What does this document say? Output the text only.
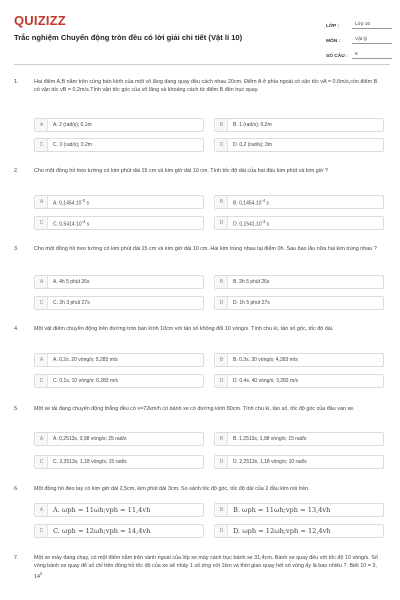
QUIZIZZ
Trắc nghiệm Chuyển động tròn đều có lời giải chi tiết (Vật lí 10)
LỚP :	Lớp 10
MÔN :	Vật lý
SỐ CÂU :	8
1.	Hai điểm A,B nằm trên cùng bán kính của một vô lăng đang quay đều cách nhau 20cm. Điểm A ở phía ngoài có vận tốc vA = 0.6m/s,còn điểm B có vận tốc vB = 0,2m/s.Tính vận tốc góc của vô lăng và khoảng cách từ điểm B đến trục quay.
A	A. 2 (rad/s); 0,1m	B	B. 1 (rad/s); 0,2m
C	C. 3 (rad/s); 0,2m	D	D. 0,2 (rad/s); 3m
2.	Cho một đồng hồ treo tường có kim phút dài 15 cm và kim giờ dài 10 cm. Tính tốc độ dài của hai đầu kim phút và kim giờ ?
A	A. $0,1454.10^{-3}$ s	B	B. $0,1454.10^{-4}$ s
C	C. $0,5414.10^{-4}$ s	D	D. $0,1541.10^{-3}$ s
3.	Cho một đồng hồ treo tường có kim phút dài 15 cm và kim giờ dài 10 cm. Hai kim trùng nhau tại điểm 0h. Sau bao lâu nữa hai kim trùng nhau ?
A	A. 4h 5 phút 26s	B	B. 2h 5 phút 26s
C	C. 2h 3 phút 27s	D	D. 1h 5 phút 27s
4.	Một vật điểm chuyển động trên đường tròn bán kính 10cm với tần số không đổi 10 vòng/s. Tính chu kì, tần số góc, tốc độ dài.
A	A. 0,2s, 20 vòng/s; 5,283 m/s	B	B. 0,3s, 30 vòng/s; 4,283 m/s
C	C. 0,1s, 10 vòng/s; 6,283 m/s	D	D. 0,4s, 40 vòng/s; 3,283 m/s
5.	Một xe tải đang chuyển động thẳng đều có v=72km/h có bánh xe có đường kính 80cm. Tính chu kì, tần số, tốc độ góc của đầu van xe.
A	A. 0,2513s, 3,98 vòng/s; 25 rad/s	B	B. 1,2513s, 1,98 vòng/s; 15 rad/s
C	C. 3,2513s, 1,18 vòng/s; 15 rad/s	D	D. 2,2513s, 1,18 vòng/s; 10 rad/s
6.	Một đồng hồ đeo tay có kim giờ dài 2,5cm, kim phút dài 3cm. So sánh tốc độ góc, tốc độ dài của 2 đầu kim nói trên.
A	A. ωph = 11ωh;vph = 11,4vh	B	B. ωph = 11ωh;vph = 13,4vh
C	C. ωph = 12ωh;vph = 14,4vh	D	D. ωph = 12ωh;vph = 12,4vh
7.	Một xe máy đang chạy, có một điểm nằm trên vành ngoài của lốp xe máy cách trục bánh xe 31,4cm. Bánh xe quay đều với tốc độ 10 vòng/s. Số vòng bánh xe quay để số chỉ trên đồng hồ tốc độ của xe sẽ nhảy 1 số ứng với 1km và thời gian quay hết số vòng ấy là bao nhiêu ?. Biết 10 = 3, $14^2$
